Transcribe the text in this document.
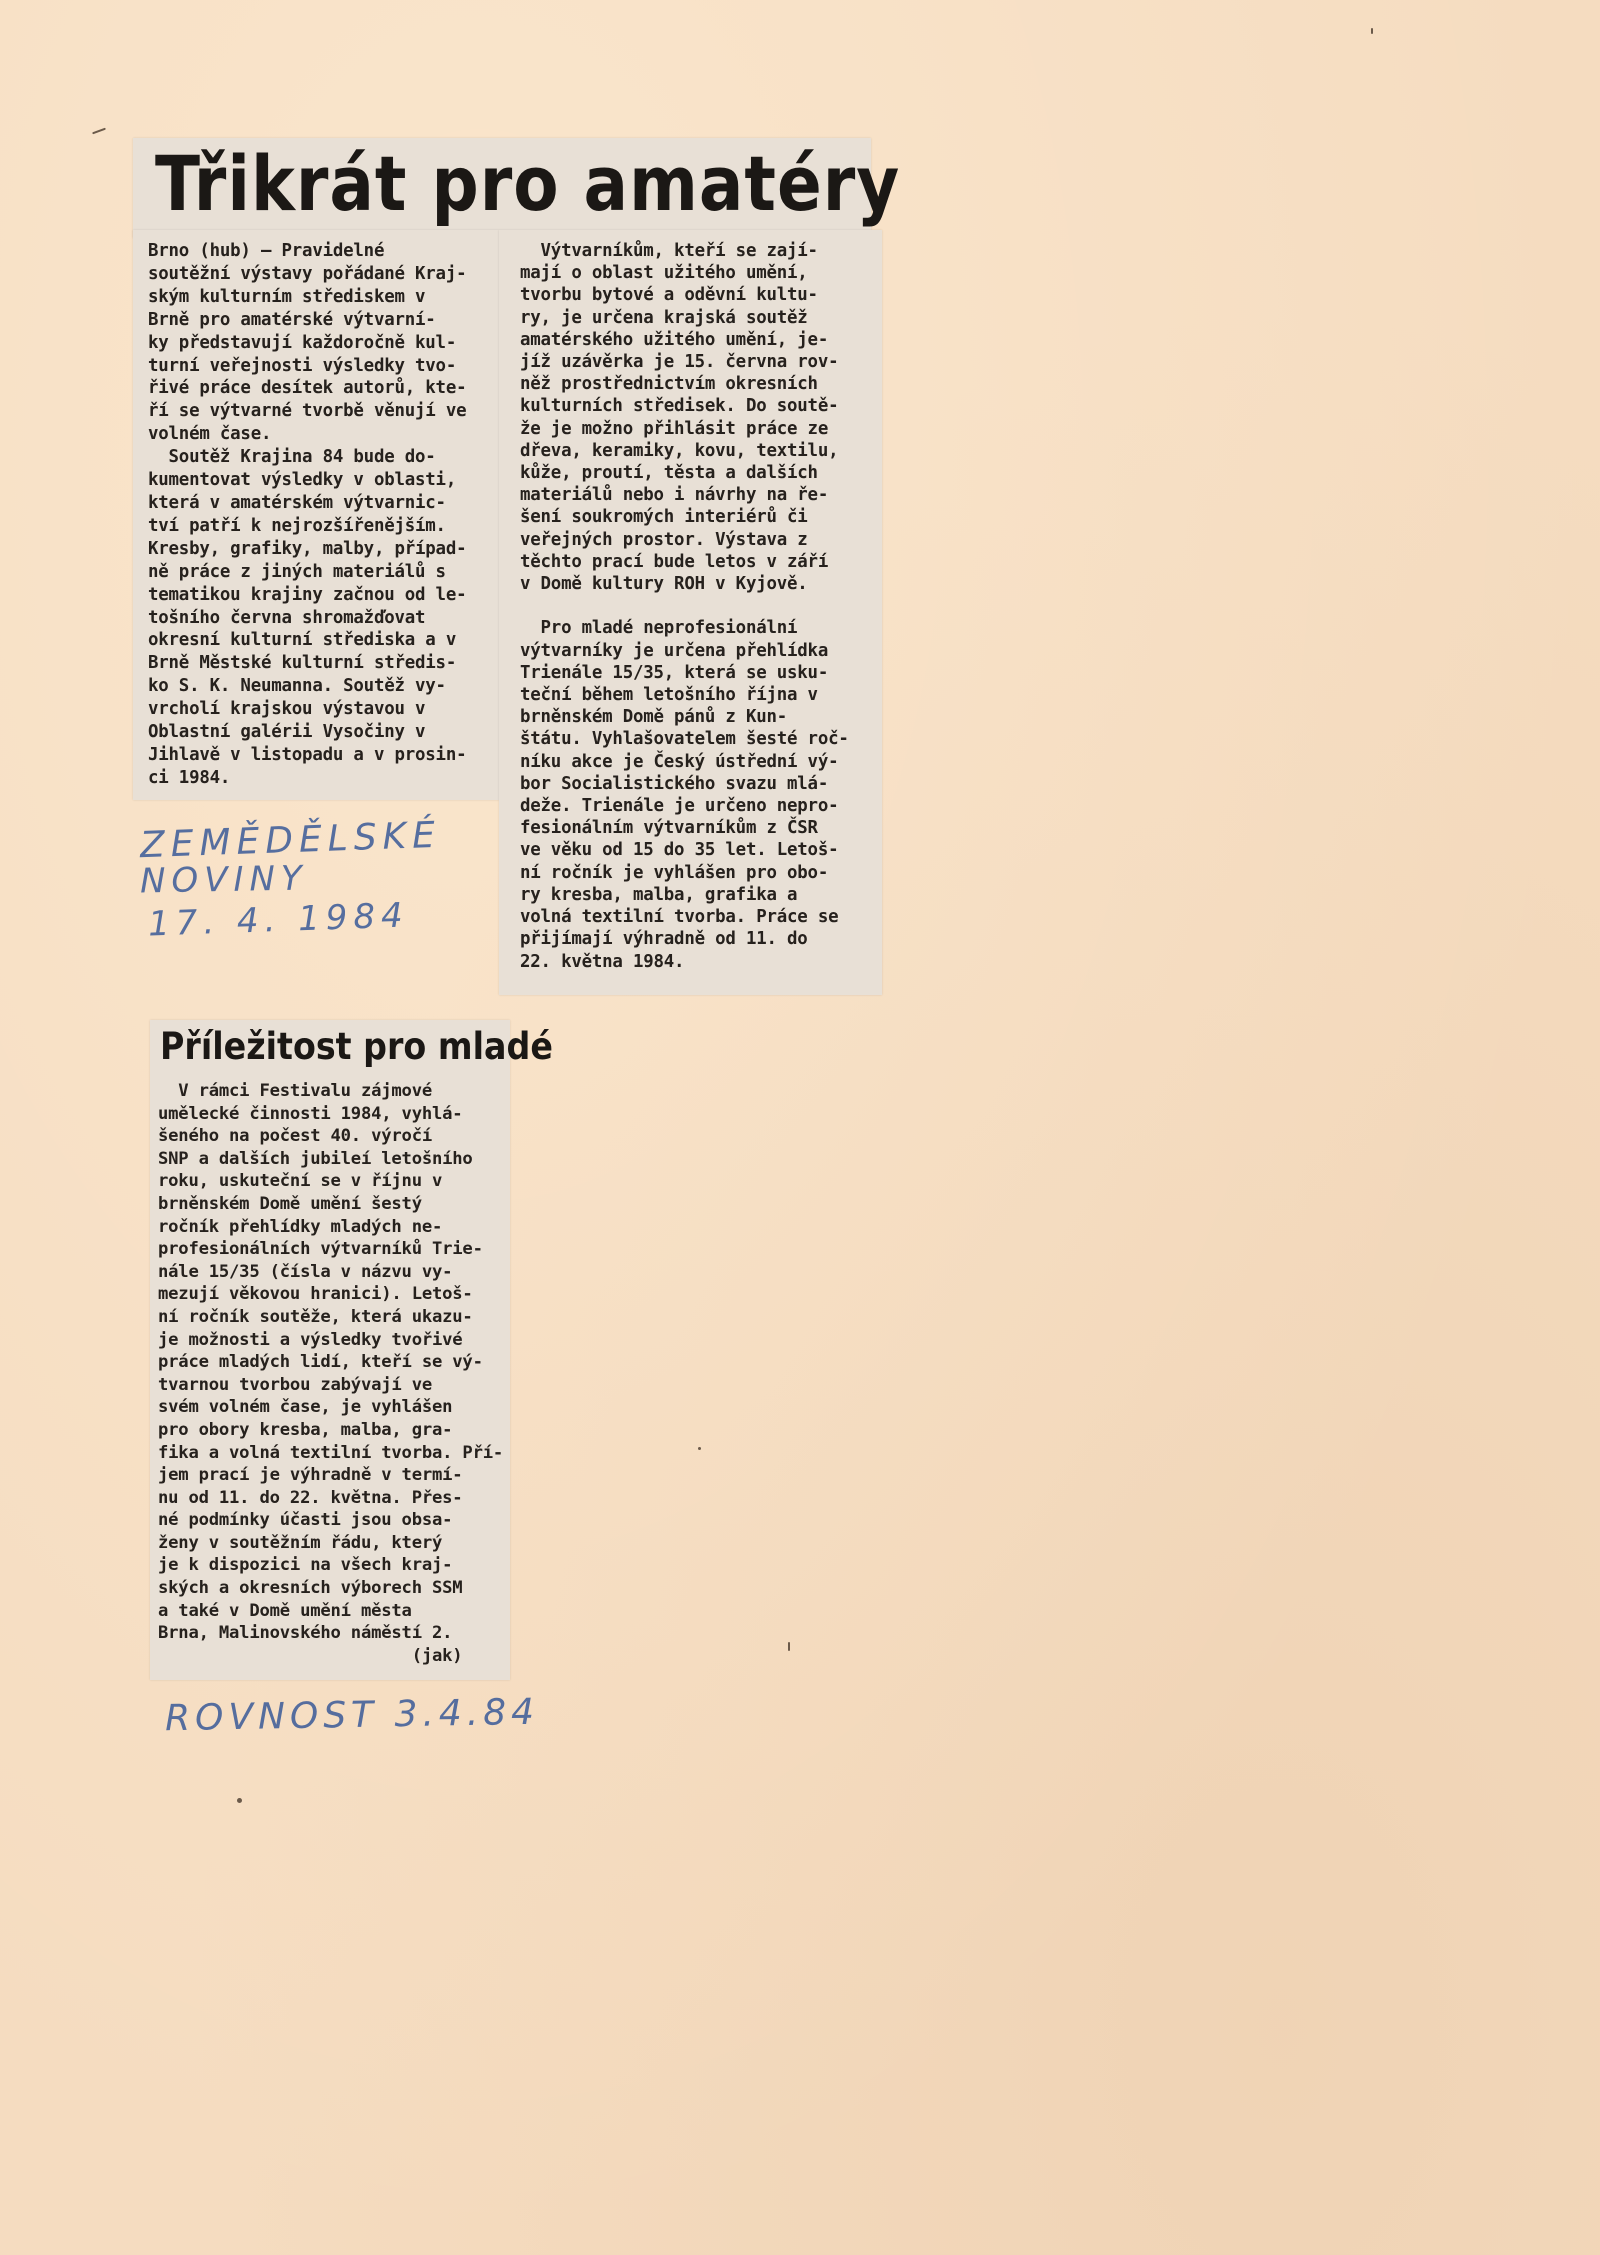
Třikrát pro amatéry

Brno (hub) — Pravidelné
soutěžní výstavy pořádané Kraj-
ským kulturním střediskem v
Brně pro amatérské výtvarní-
ky představují každoročně kul-
turní veřejnosti výsledky tvo-
řivé práce desítek autorů, kte-
ří se výtvarné tvorbě věnují ve
volném čase.
Soutěž Krajina 84 bude do-
kumentovat výsledky v oblasti,
která v amatérském výtvarnic-
tví patří k nejrozšířenějším.
Kresby, grafiky, malby, případ-
ně práce z jiných materiálů s
tematikou krajiny začnou od le-
tošního června shromažďovat
okresní kulturní střediska a v
Brně Městské kulturní středis-
ko S. K. Neumanna. Soutěž vy-
vrcholí krajskou výstavou v
Oblastní galérii Vysočiny v
Jihlavě v listopadu a v prosin-
ci 1984.

Výtvarníkům, kteří se zají-
mají o oblast užitého umění,
tvorbu bytové a oděvní kultu-
ry, je určena krajská soutěž
amatérského užitého umění, je-
jíž uzávěrka je 15. června rov-
něž prostřednictvím okresních
kulturních středisek. Do soutě-
že je možno přihlásit práce ze
dřeva, keramiky, kovu, textilu,
kůže, proutí, těsta a dalších
materiálů nebo i návrhy na ře-
šení soukromých interiérů či
veřejných prostor. Výstava z
těchto prací bude letos v září
v Domě kultury ROH v Kyjově.

Pro mladé neprofesionální
výtvarníky je určena přehlídka
Trienále 15/35, která se usku-
teční během letošního října v
brněnském Domě pánů z Kun-
štátu. Vyhlašovatelem šesté roč-
níku akce je Český ústřední vý-
bor Socialistického svazu mlá-
deže. Trienále je určeno nepro-
fesionálním výtvarníkům z ČSR
ve věku od 15 do 35 let. Letoš-
ní ročník je vyhlášen pro obo-
ry kresba, malba, grafika a
volná textilní tvorba. Práce se
přijímají výhradně od 11. do
22. května 1984.

ZEMĚDĚLSKÉ
NOVINY
17. 4. 1984
Příležitost pro mladé

V rámci Festivalu zájmové
umělecké činnosti 1984, vyhlá-
šeného na počest 40. výročí
SNP a dalších jubileí letošního
roku, uskuteční se v říjnu v
brněnském Domě umění šestý
ročník přehlídky mladých ne-
profesionálních výtvarníků Trie-
nále 15/35 (čísla v názvu vy-
mezují věkovou hranici). Letoš-
ní ročník soutěže, která ukazu-
je možnosti a výsledky tvořivé
práce mladých lidí, kteří se vý-
tvarnou tvorbou zabývají ve
svém volném čase, je vyhlášen
pro obory kresba, malba, gra-
fika a volná textilní tvorba. Pří-
jem prací je výhradně v termí-
nu od 11. do 22. května. Přes-
né podmínky účasti jsou obsa-
ženy v soutěžním řádu, který
je k dispozici na všech kraj-
ských a okresních výborech SSM
a také v Domě umění města
Brna, Malinovského náměstí 2.
(jak)

ROVNOST 3.4.84
